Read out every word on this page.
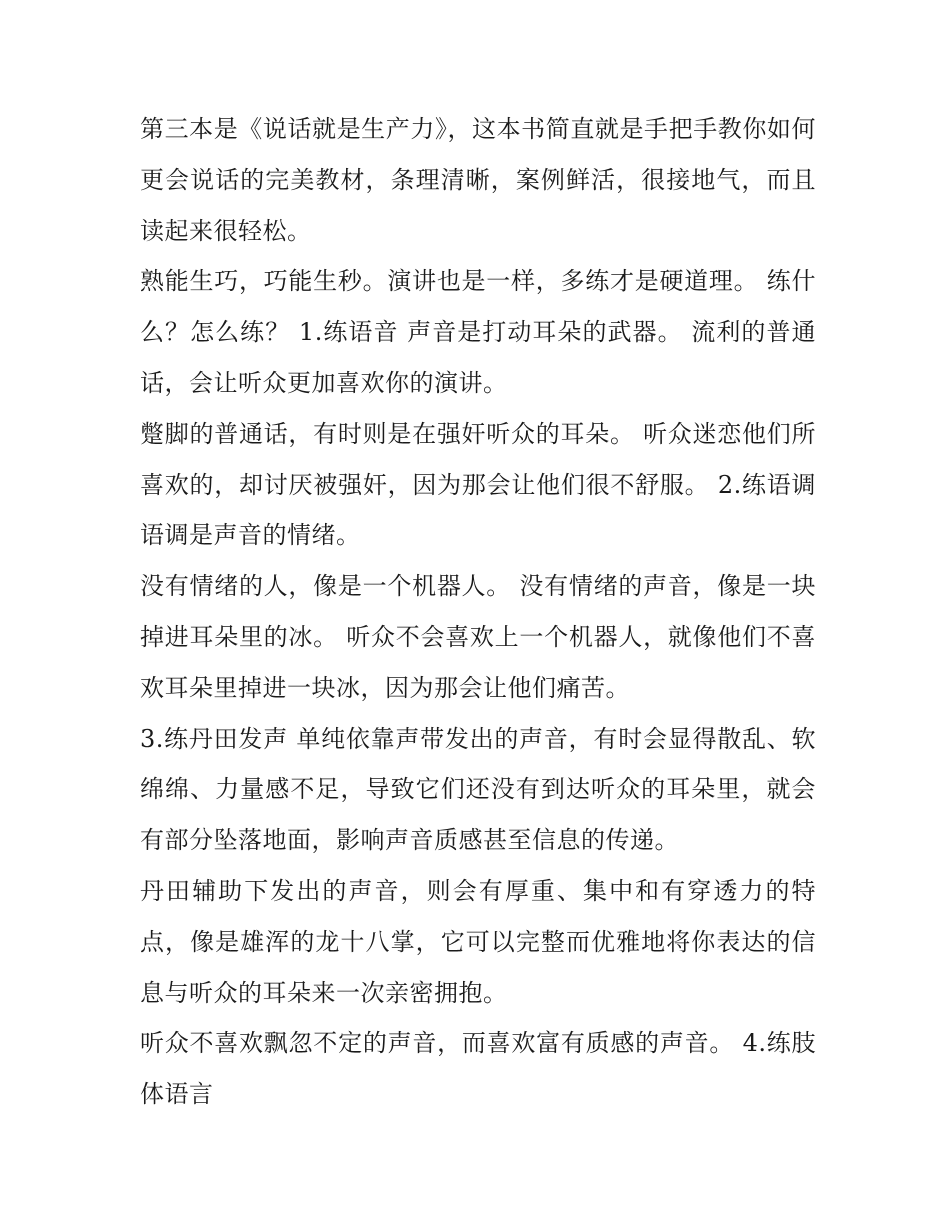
第三本是《说话就是生产力》，这本书简直就是手把手教你如何更会说话的完美教材，条理清晰，案例鲜活，很接地气，而且读起来很轻松。

熟能生巧，巧能生秒。演讲也是一样，多练才是硬道理。 练什么？怎么练？ 1.练语音 声音是打动耳朵的武器。 流利的普通话，会让听众更加喜欢你的演讲。

蹩脚的普通话，有时则是在强奸听众的耳朵。 听众迷恋他们所喜欢的，却讨厌被强奸，因为那会让他们很不舒服。 2.练语调 语调是声音的情绪。

没有情绪的人，像是一个机器人。 没有情绪的声音，像是一块掉进耳朵里的冰。 听众不会喜欢上一个机器人，就像他们不喜欢耳朵里掉进一块冰，因为那会让他们痛苦。

3.练丹田发声 单纯依靠声带发出的声音，有时会显得散乱、软绵绵、力量感不足，导致它们还没有到达听众的耳朵里，就会有部分坠落地面，影响声音质感甚至信息的传递。

丹田辅助下发出的声音，则会有厚重、集中和有穿透力的特点，像是雄浑的龙十八掌，它可以完整而优雅地将你表达的信息与听众的耳朵来一次亲密拥抱。

听众不喜欢飘忽不定的声音，而喜欢富有质感的声音。 4.练肢体语言
